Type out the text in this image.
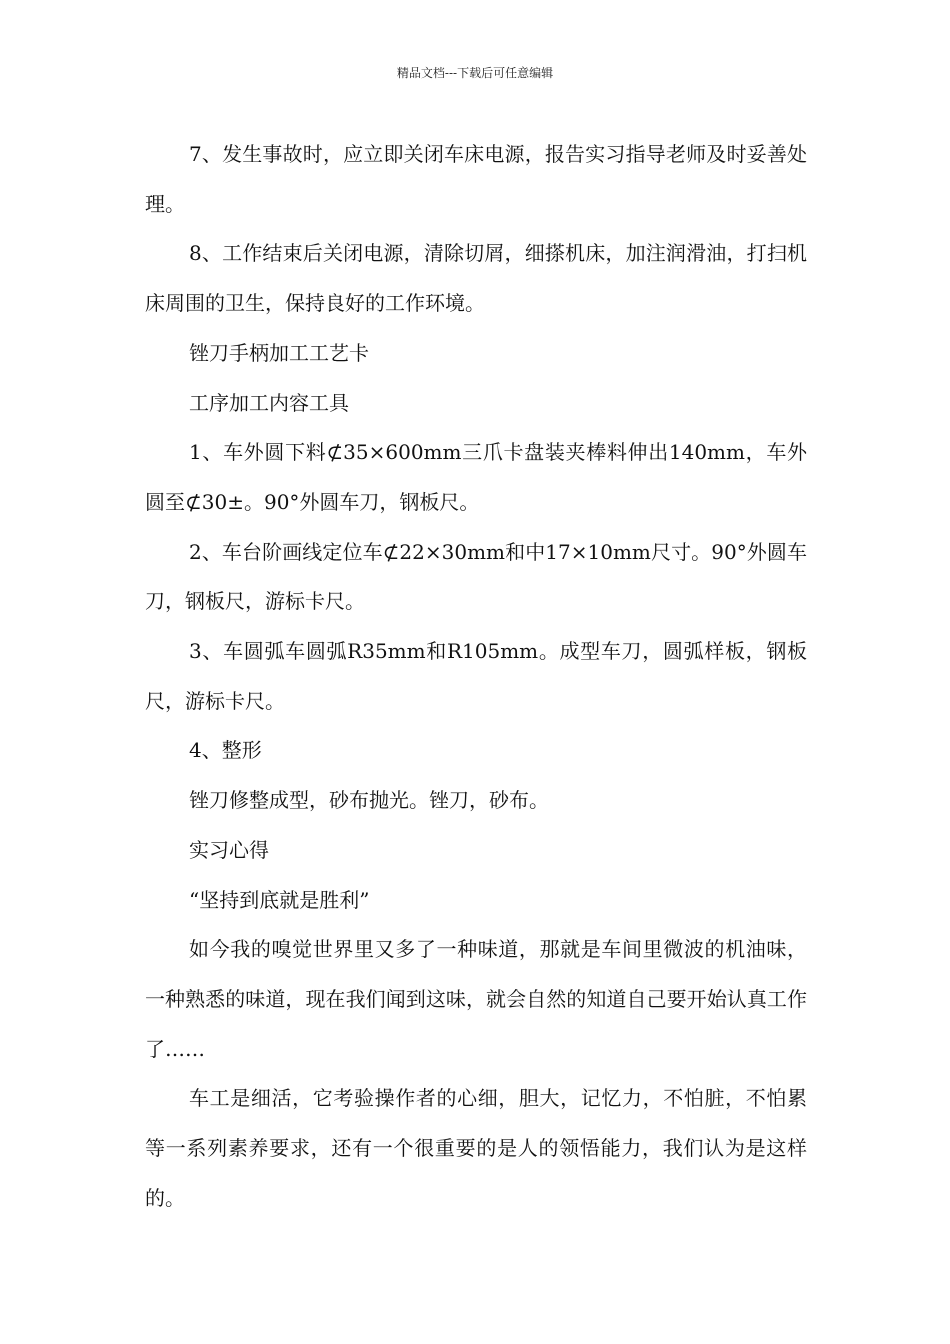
精品文档---下载后可任意编辑

7、发生事故时，应立即关闭车床电源，报告实习指导老师及时妥善处理。

8、工作结束后关闭电源，清除切屑，细搽机床，加注润滑油，打扫机床周围的卫生，保持良好的工作环境。

锉刀手柄加工工艺卡

工序加工内容工具

1、车外圆下料⊄35×600mm三爪卡盘装夹棒料伸出140mm，车外圆至⊄30±。90°外圆车刀，钢板尺。

2、车台阶画线定位车⊄22×30mm和中17×10mm尺寸。90°外圆车刀，钢板尺，游标卡尺。

3、车圆弧车圆弧R35mm和R105mm。成型车刀，圆弧样板，钢板尺，游标卡尺。

4、整形

锉刀修整成型，砂布抛光。锉刀，砂布。

实习心得

“坚持到底就是胜利”

如今我的嗅觉世界里又多了一种味道，那就是车间里微波的机油味，一种熟悉的味道，现在我们闻到这味，就会自然的知道自己要开始认真工作了……

车工是细活，它考验操作者的心细，胆大，记忆力，不怕脏，不怕累等一系列素养要求，还有一个很重要的是人的领悟能力，我们认为是这样的。
